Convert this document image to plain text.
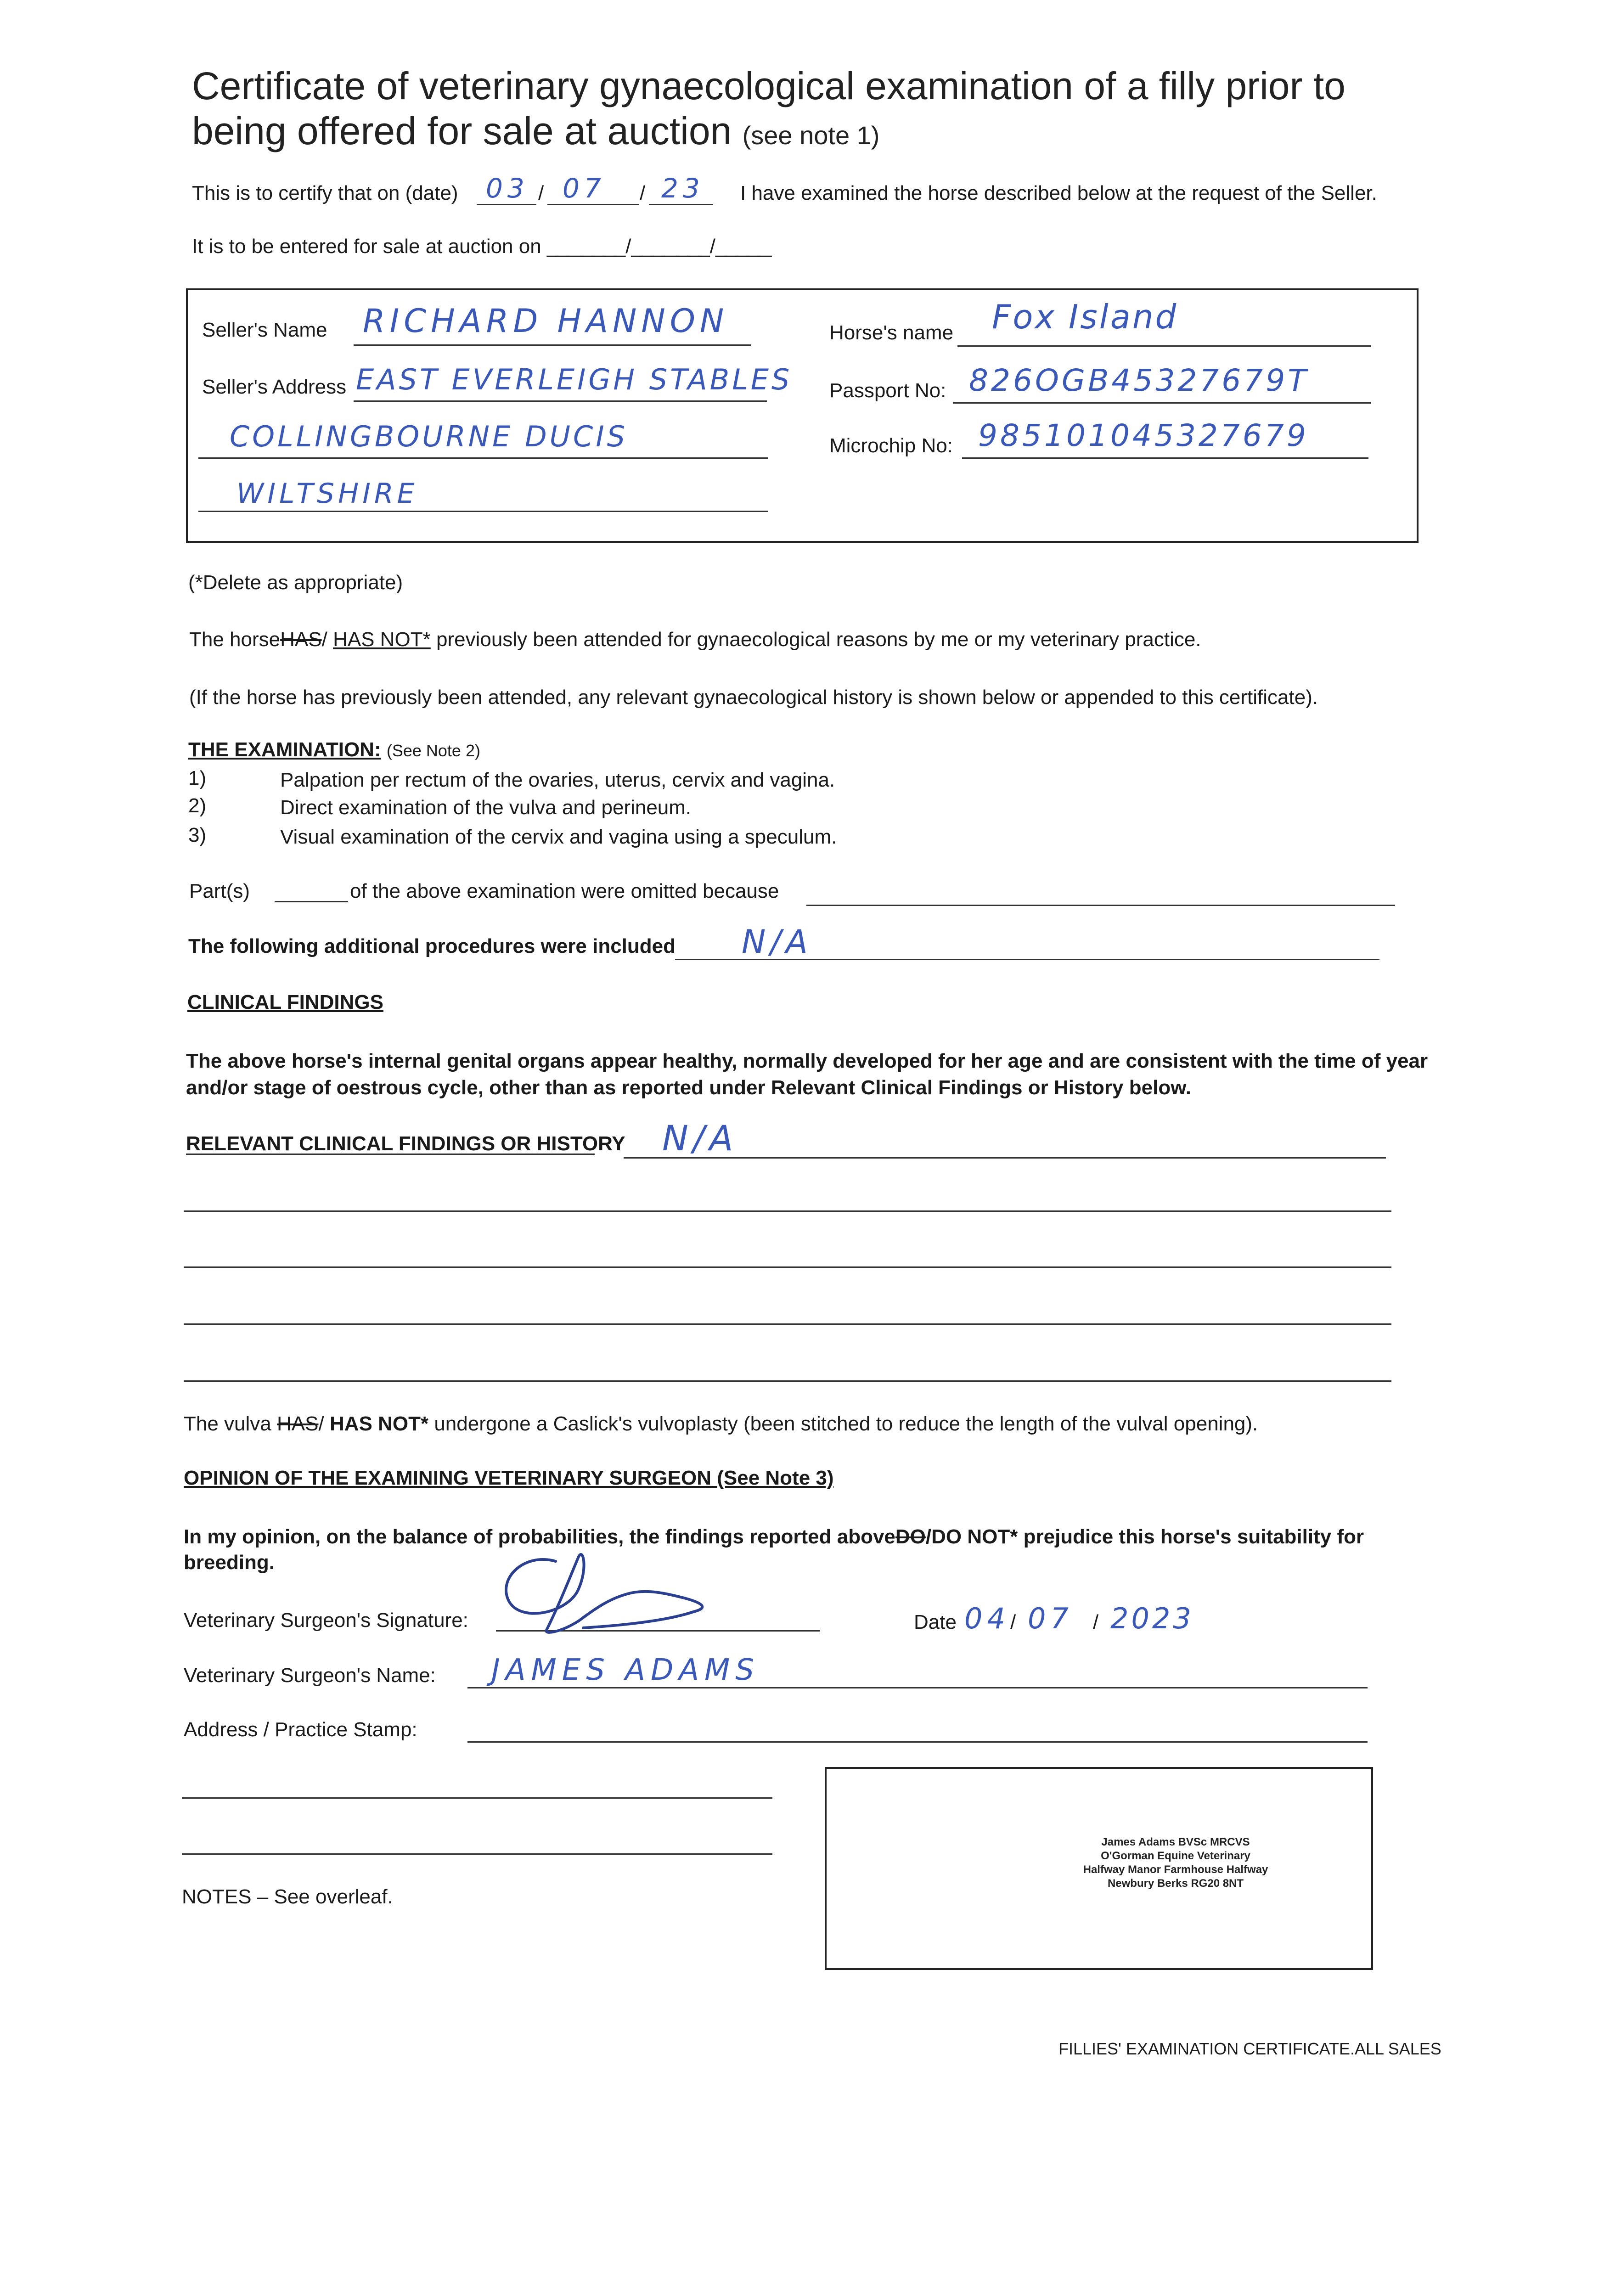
Certificate of veterinary gynaecological examination of a filly prior to
being offered for sale at auction (see note 1)
This is to certify that on (date) 03 / 07 / 23 I have examined the horse described below at the request of the Seller.
It is to be entered for sale at auction on _______/_______/_____
Seller's Name RICHARD HANNON
Seller's Address EAST EVERLEIGH STABLES
COLLINGBOURNE DUCIS
WILTSHIRE
Horse's name Fox Island
Passport No: 826OGB45327679T
Microchip No: 985101045327679
(*Delete as appropriate)
The horseHAS/ HAS NOT* previously been attended for gynaecological reasons by me or my veterinary practice.
(If the horse has previously been attended, any relevant gynaecological history is shown below or appended to this certificate).
THE EXAMINATION: (See Note 2)
1)	Palpation per rectum of the ovaries, uterus, cervix and vagina.
2)	Direct examination of the vulva and perineum.
3)	Visual examination of the cervix and vagina using a speculum.
Part(s)	of the above examination were omitted because
The following additional procedures were included N/A
CLINICAL FINDINGS
The above horse's internal genital organs appear healthy, normally developed for her age and are consistent with the time of year
and/or stage of oestrous cycle, other than as reported under Relevant Clinical Findings or History below.
RELEVANT CLINICAL FINDINGS OR HISTORY N/A
The vulva HAS/ HAS NOT* undergone a Caslick's vulvoplasty (been stitched to reduce the length of the vulval opening).
OPINION OF THE EXAMINING VETERINARY SURGEON (See Note 3)
In my opinion, on the balance of probabilities, the findings reported aboveDO/DO NOT* prejudice this horse's suitability for
breeding.
Veterinary Surgeon's Signature:	Date 04 / 07 / 2023
Veterinary Surgeon's Name: JAMES ADAMS
Address / Practice Stamp:
James Adams BVSc MRCVS
O'Gorman Equine Veterinary
Halfway Manor Farmhouse Halfway
Newbury Berks RG20 8NT
NOTES – See overleaf.
FILLIES' EXAMINATION CERTIFICATE.ALL SALES
